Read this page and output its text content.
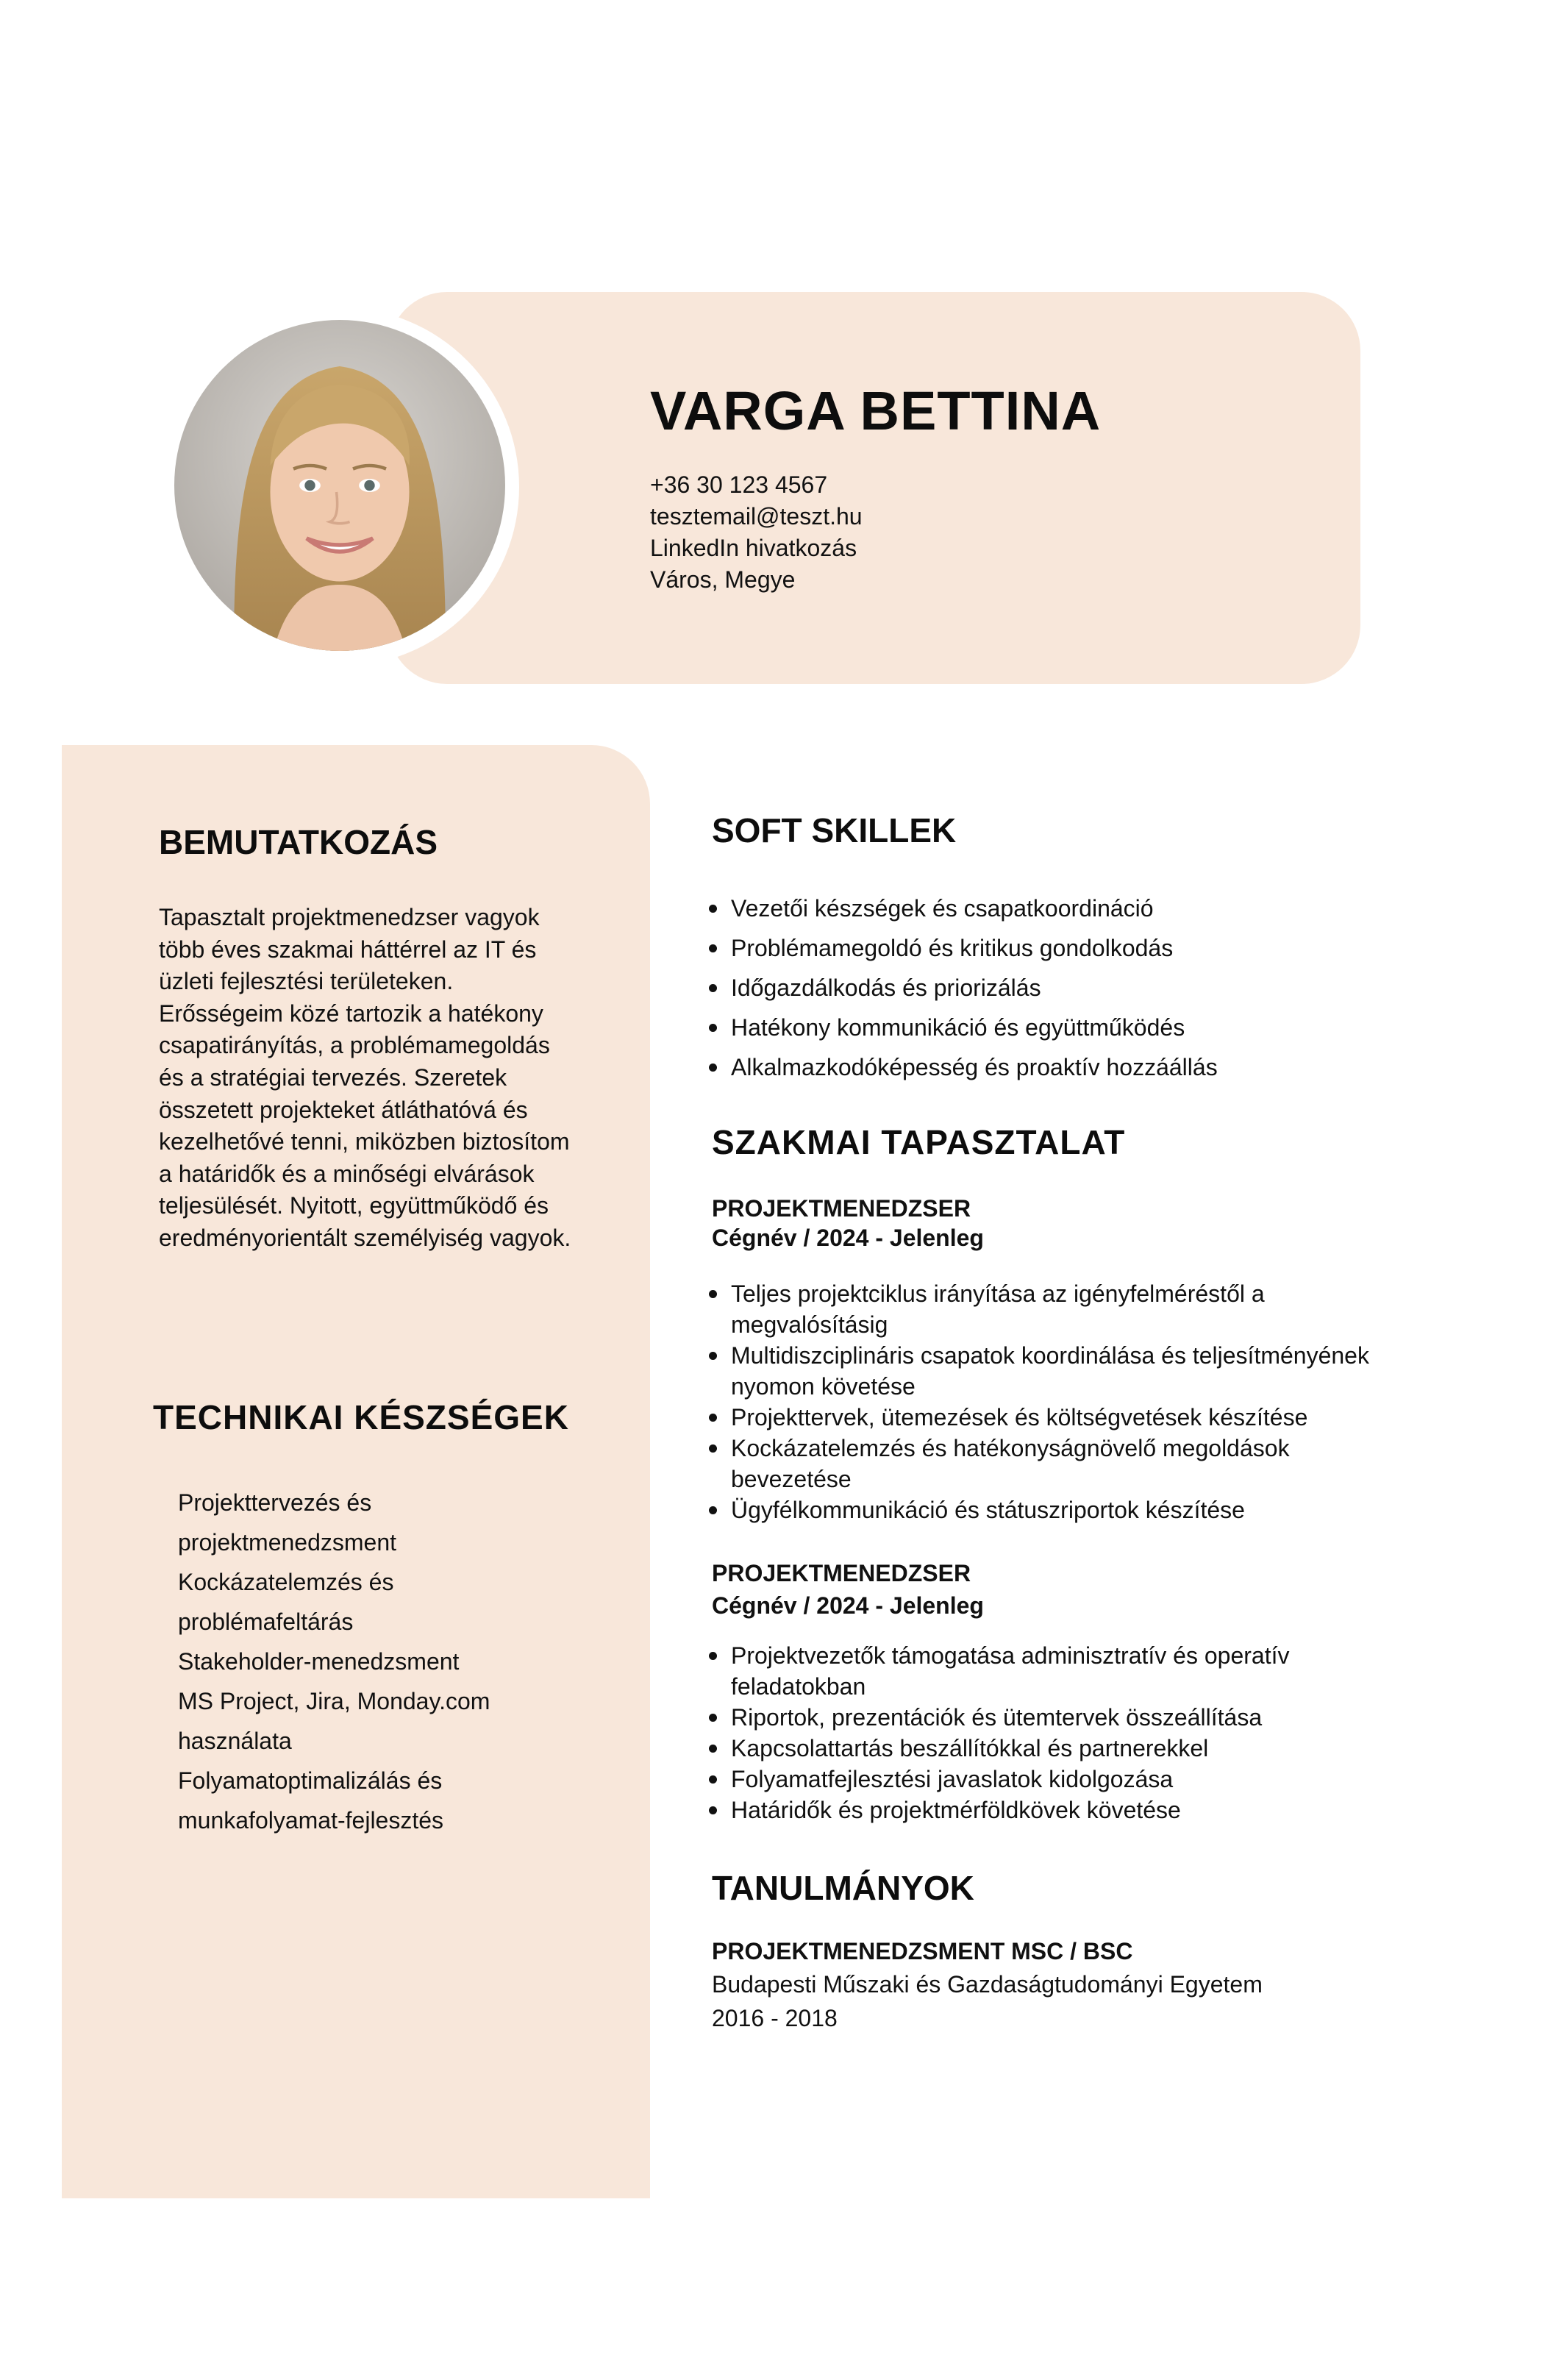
VARGA BETTINA
+36 30 123 4567
tesztemail@teszt.hu
LinkedIn hivatkozás
Város, Megye
BEMUTATKOZÁS
Tapasztalt projektmenedzser vagyok
több éves szakmai háttérrel az IT és
üzleti fejlesztési területeken.
Erősségeim közé tartozik a hatékony
csapatirányítás, a problémamegoldás
és a stratégiai tervezés. Szeretek
összetett projekteket átláthatóvá és
kezelhetővé tenni, miközben biztosítom
a határidők és a minőségi elvárások
teljesülését. Nyitott, együttműködő és
eredményorientált személyiség vagyok.
TECHNIKAI KÉSZSÉGEK
Projekttervezés és
projektmenedzsment
Kockázatelemzés és
problémafeltárás
Stakeholder-menedzsment
MS Project, Jira, Monday.com
használata
Folyamatoptimalizálás és
munkafolyamat-fejlesztés
SOFT SKILLEK
Vezetői készségek és csapatkoordináció
Problémamegoldó és kritikus gondolkodás
Időgazdálkodás és priorizálás
Hatékony kommunikáció és együttműködés
Alkalmazkodóképesség és proaktív hozzáállás
SZAKMAI TAPASZTALAT
PROJEKTMENEDZSER
Cégnév / 2024 - Jelenleg
Teljes projektciklus irányítása az igényfelméréstől a megvalósításig
Multidiszciplináris csapatok koordinálása és teljesítményének nyomon követése
Projekttervek, ütemezések és költségvetések készítése
Kockázatelemzés és hatékonyságnövelő megoldások bevezetése
Ügyfélkommunikáció és státuszriportok készítése
PROJEKTMENEDZSER
Cégnév / 2024 - Jelenleg
Projektvezetők támogatása adminisztratív és operatív feladatokban
Riportok, prezentációk és ütemtervek összeállítása
Kapcsolattartás beszállítókkal és partnerekkel
Folyamatfejlesztési javaslatok kidolgozása
Határidők és projektmérföldkövek követése
TANULMÁNYOK
PROJEKTMENEDZSMENT MSC / BSC
Budapesti Műszaki és Gazdaságtudományi Egyetem
2016 - 2018
